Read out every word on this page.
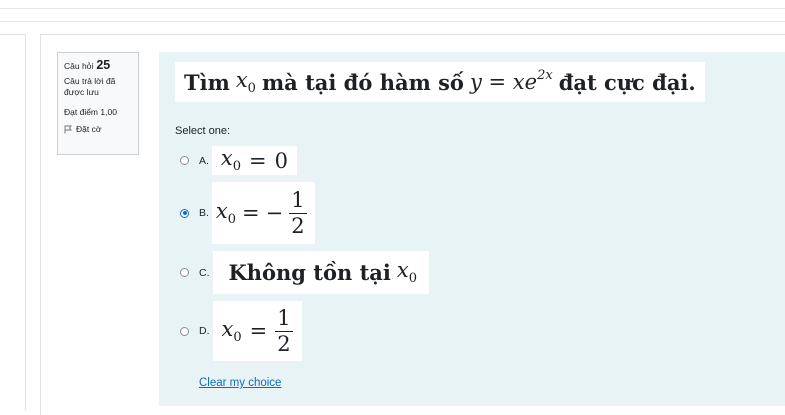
Câu hỏi 25
Câu trả lời đã được lưu
Đạt điểm 1,00
Đặt cờ
Tìm $x_0$ mà tại đó hàm số $y = xe^{2x}$ đạt cực đại.
Select one:
A. $x_0 = 0$
B. $x_0$ = − $\frac{1}{2}$
C. Không tồn tại $x_0$
D. $x_0 = \frac{1}{2}$
Clear my choice
